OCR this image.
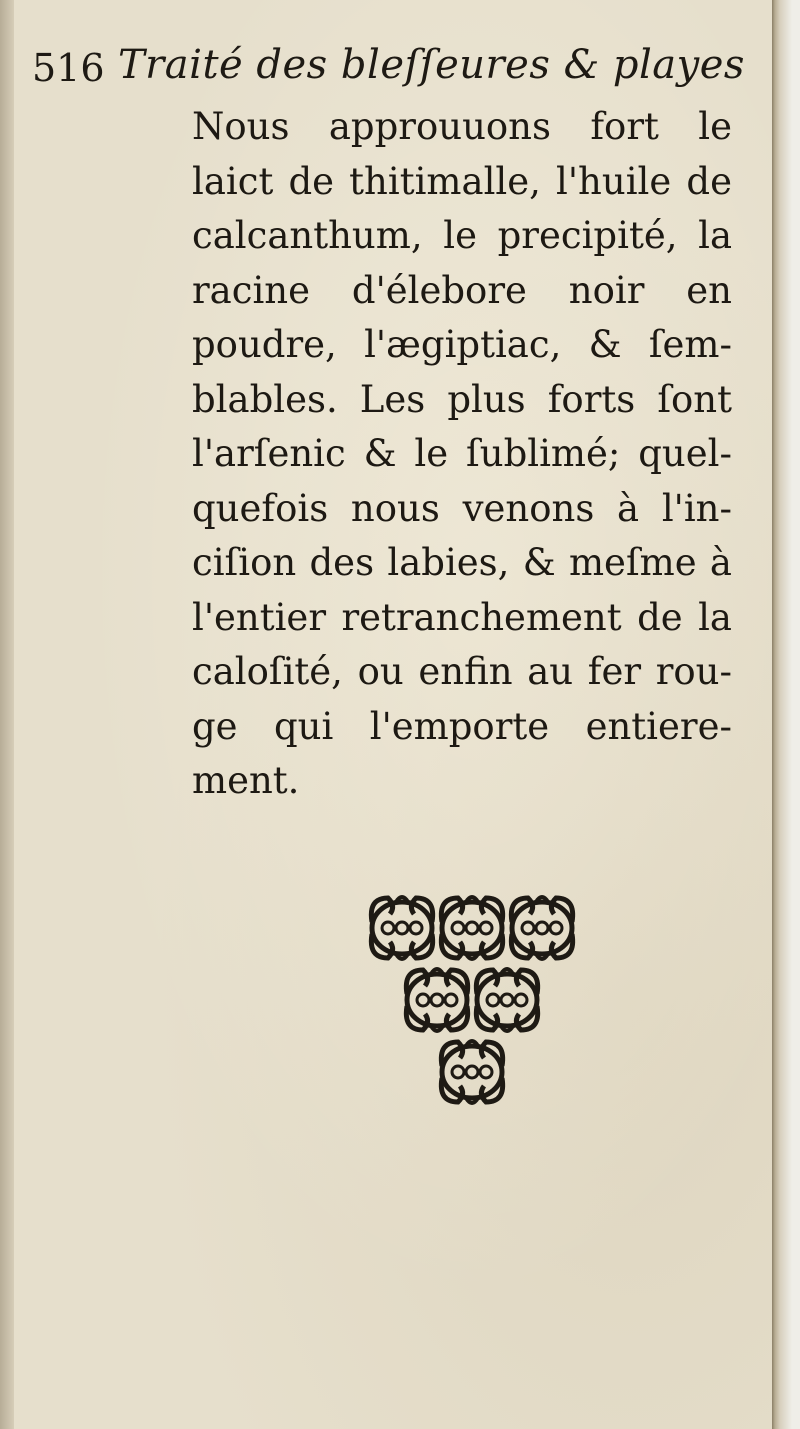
516 Traité des bleſſeures & playes
Nous approuuons fort le
laict de thitimalle, l'huile de
calcanthum, le precipité, la
racine d'élebore noir en
poudre, l'ægiptiac, & ſem-
blables. Les plus forts ſont
l'arſenic & le ſublimé; quel-
quefois nous venons à l'in-
ciſion des labies, & meſme à
l'entier retranchement de la
caloſité, ou enfin au fer rou-
ge qui l'emporte entiere-
ment.
